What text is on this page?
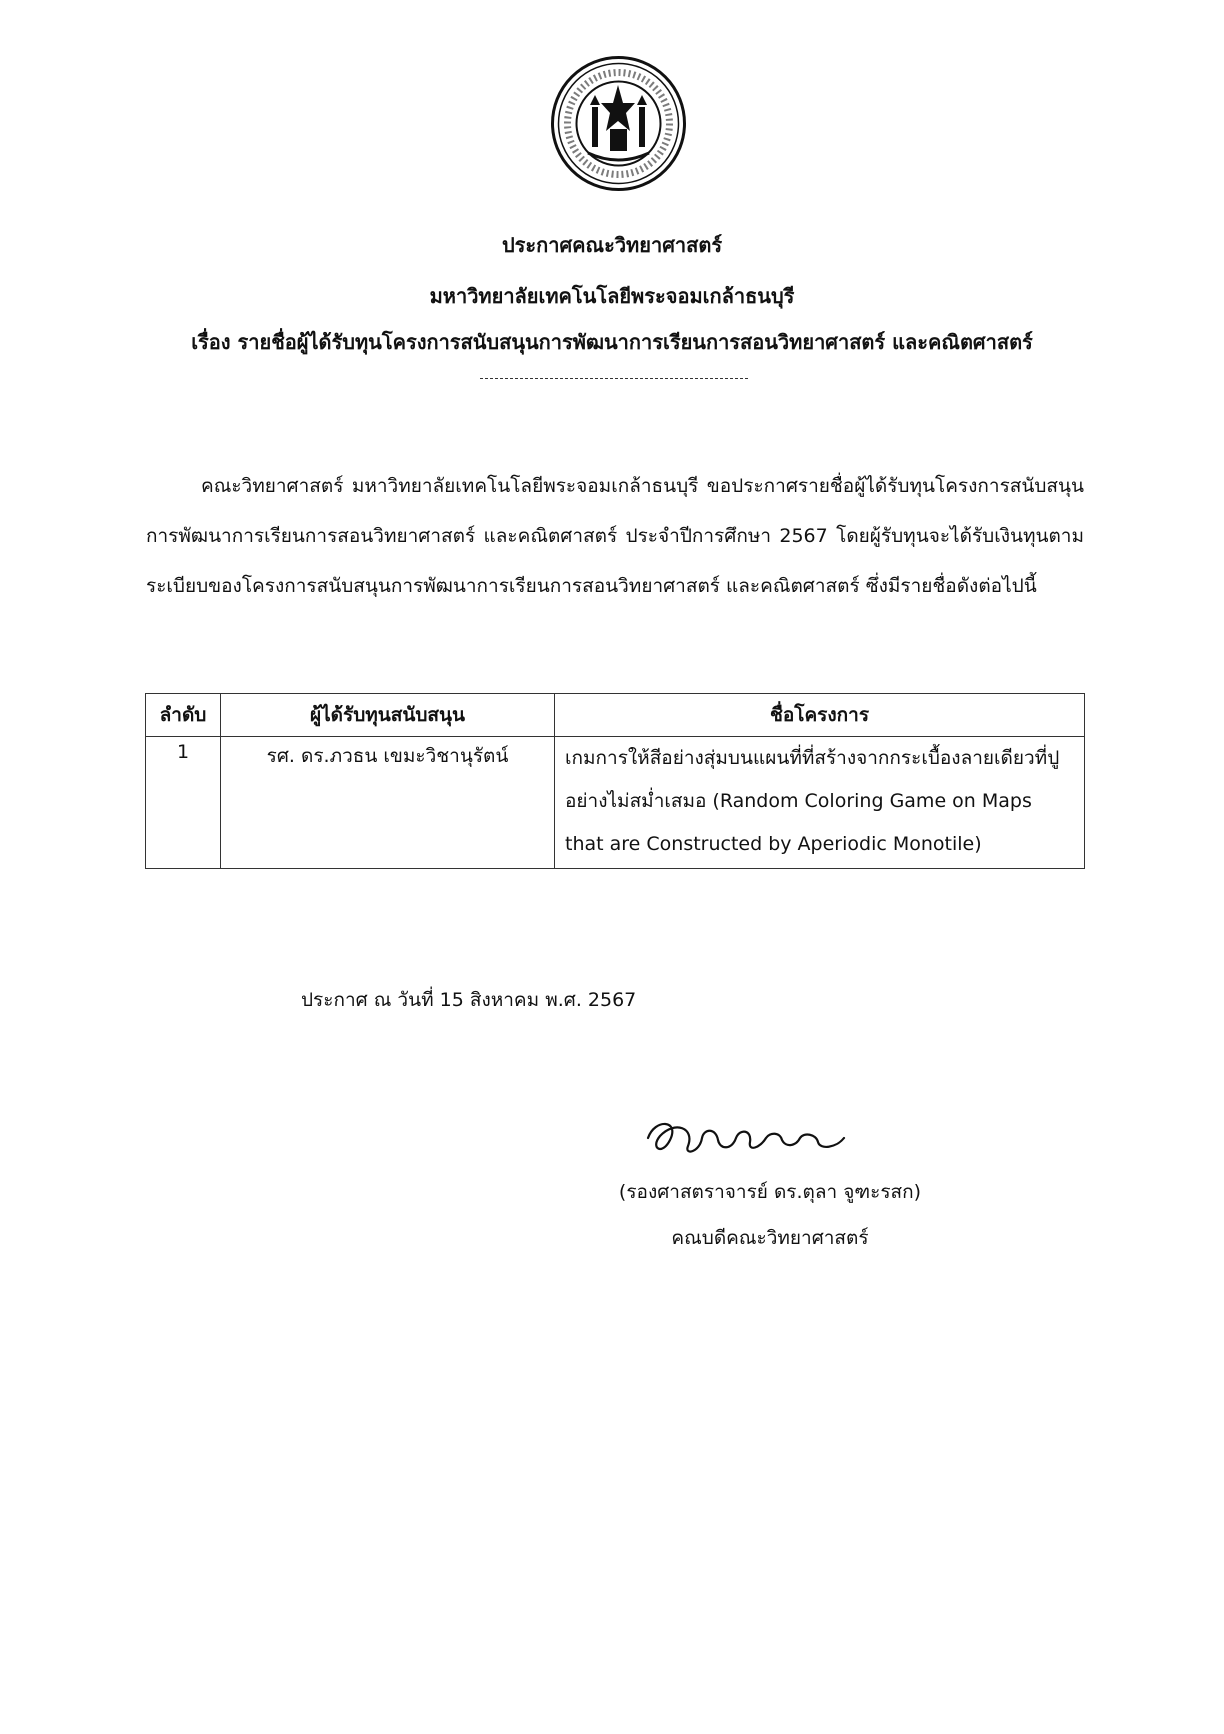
ประกาศคณะวิทยาศาสตร์
มหาวิทยาลัยเทคโนโลยีพระจอมเกล้าธนบุรี
เรื่อง รายชื่อผู้ได้รับทุนโครงการสนับสนุนการพัฒนาการเรียนการสอนวิทยาศาสตร์ และคณิตศาสตร์
คณะวิทยาศาสตร์ มหาวิทยาลัยเทคโนโลยีพระจอมเกล้าธนบุรี ขอประกาศรายชื่อผู้ได้รับทุนโครงการสนับสนุนการพัฒนาการเรียนการสอนวิทยาศาสตร์ และคณิตศาสตร์ ประจำปีการศึกษา 2567 โดยผู้รับทุนจะได้รับเงินทุนตามระเบียบของโครงการสนับสนุนการพัฒนาการเรียนการสอนวิทยาศาสตร์ และคณิตศาสตร์ ซึ่งมีรายชื่อดังต่อไปนี้
ลำดับ	ผู้ได้รับทุนสนับสนุน	ชื่อโครงการ
1	รศ. ดร.ภวธน เขมะวิชานุรัตน์	เกมการให้สีอย่างสุ่มบนแผนที่ที่สร้างจากกระเบื้องลายเดียวที่ปูอย่างไม่สม่ำเสมอ (Random Coloring Game on Maps that are Constructed by Aperiodic Monotile)
ประกาศ ณ วันที่ 15 สิงหาคม พ.ศ. 2567
(รองศาสตราจารย์ ดร.ตุลา จูฑะรสก)
คณบดีคณะวิทยาศาสตร์
